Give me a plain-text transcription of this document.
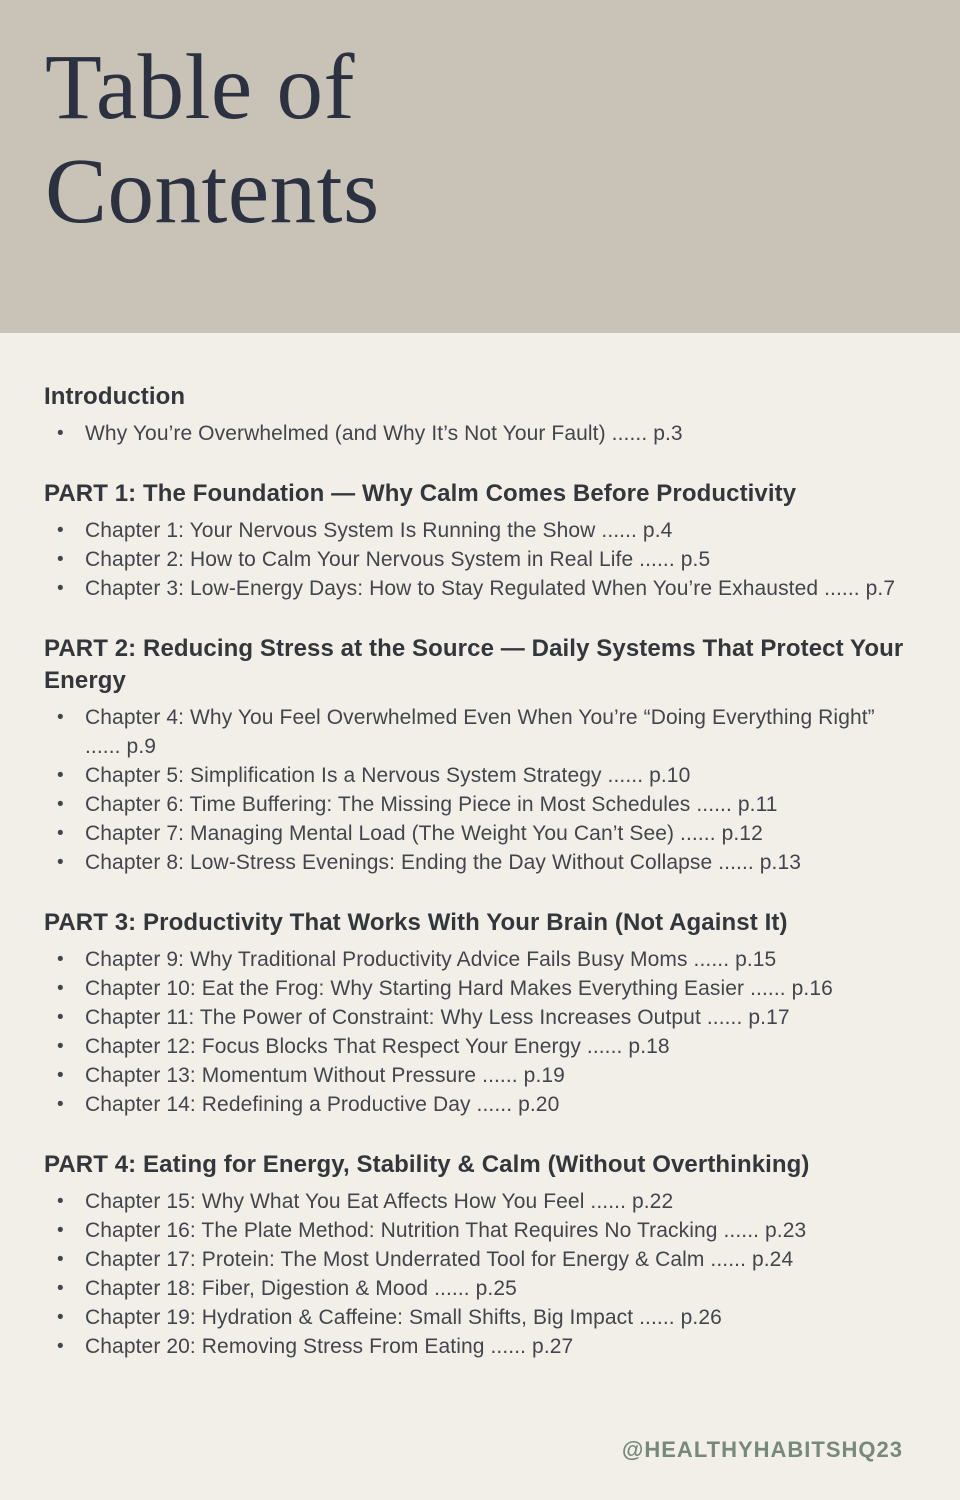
Table of Contents
Introduction
•	Why You’re Overwhelmed (and Why It’s Not Your Fault) ...... p.3
PART 1: The Foundation — Why Calm Comes Before Productivity
•	Chapter 1: Your Nervous System Is Running the Show ...... p.4
•	Chapter 2: How to Calm Your Nervous System in Real Life ...... p.5
•	Chapter 3: Low-Energy Days: How to Stay Regulated When You’re Exhausted ...... p.7
PART 2: Reducing Stress at the Source — Daily Systems That Protect Your Energy
•	Chapter 4: Why You Feel Overwhelmed Even When You’re “Doing Everything Right” ...... p.9
•	Chapter 5: Simplification Is a Nervous System Strategy ...... p.10
•	Chapter 6: Time Buffering: The Missing Piece in Most Schedules ...... p.11
•	Chapter 7: Managing Mental Load (The Weight You Can’t See) ...... p.12
•	Chapter 8: Low-Stress Evenings: Ending the Day Without Collapse ...... p.13
PART 3: Productivity That Works With Your Brain (Not Against It)
•	Chapter 9: Why Traditional Productivity Advice Fails Busy Moms ...... p.15
•	Chapter 10: Eat the Frog: Why Starting Hard Makes Everything Easier ...... p.16
•	Chapter 11: The Power of Constraint: Why Less Increases Output ...... p.17
•	Chapter 12: Focus Blocks That Respect Your Energy ...... p.18
•	Chapter 13: Momentum Without Pressure ...... p.19
•	Chapter 14: Redefining a Productive Day ...... p.20
PART 4: Eating for Energy, Stability & Calm (Without Overthinking)
•	Chapter 15: Why What You Eat Affects How You Feel ...... p.22
•	Chapter 16: The Plate Method: Nutrition That Requires No Tracking ...... p.23
•	Chapter 17: Protein: The Most Underrated Tool for Energy & Calm ...... p.24
•	Chapter 18: Fiber, Digestion & Mood ...... p.25
•	Chapter 19: Hydration & Caffeine: Small Shifts, Big Impact ...... p.26
•	Chapter 20: Removing Stress From Eating ...... p.27
@HEALTHYHABITSHQ23
